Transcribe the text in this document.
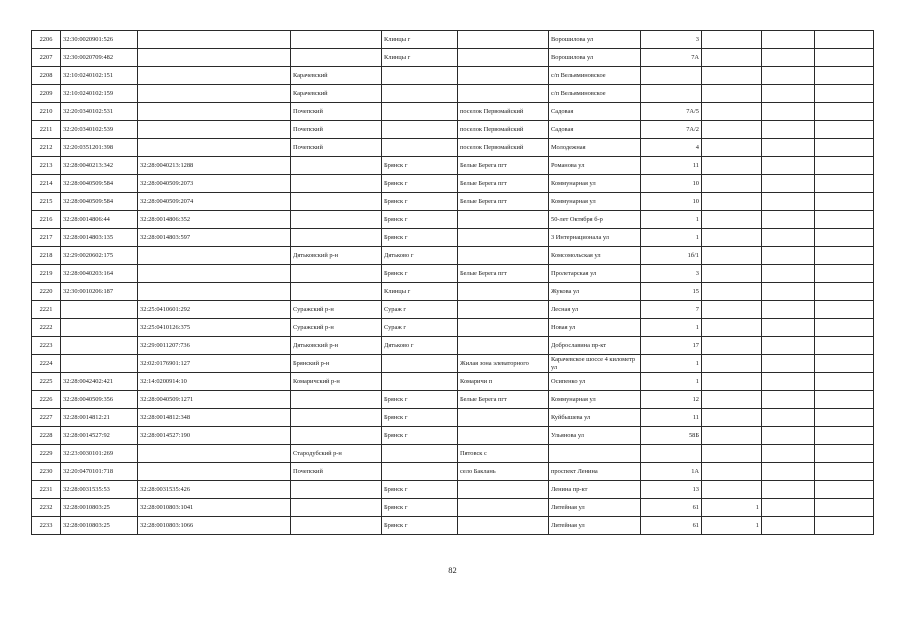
2206	32:30:0020901:526			Клинцы г		Ворошилова ул	3			
2207	32:30:0020709:482			Клинцы г		Ворошилова ул	7А			
2208	32:10:0240102:151		Карачевский			с/п Вельяминовское				
2209	32:10:0240102:159		Карачевский			с/п Вельяминовское				
2210	32:20:0340102:531		Почепский		поселок Первомайский	Садовая	7А/5			
2211	32:20:0340102:539		Почепский		поселок Первомайский	Садовая	7А/2			
2212	32:20:0351201:398		Почепский		поселок Первомайский	Молодежная	4			
2213	32:28:0040213:342	32:28:0040213:1288		Брянск г	Белые Берега пгт	Романова ул	11			
2214	32:28:0040509:584	32:28:0040509:2073		Брянск г	Белые Берега пгт	Коммунарная ул	10			
2215	32:28:0040509:584	32:28:0040509:2074		Брянск г	Белые Берега пгт	Коммунарная ул	10			
2216	32:28:0014806:44	32:28:0014806:352		Брянск г		50-лет Октября б-р	1			
2217	32:28:0014803:135	32:28:0014803:597		Брянск г		3 Интернационала ул	1			
2218	32:29:0020602:175		Дятьковский р-н	Дятьково г		Комсомольская ул	1б/1			
2219	32:28:0040203:164			Брянск г	Белые Берега пгт	Пролетарская ул	3			
2220	32:30:0010206:187			Клинцы г		Жукова ул	15			
2221		32:25:0410601:292	Суражский р-н	Сураж г		Лесная ул	7			
2222		32:25:0410126:375	Суражский р-н	Сураж г		Новая ул	1			
2223		32:29:0011207:736	Дятьковский р-н	Дятьково г		Доброславина пр-кт	17			
2224		32:02:0176901:127	Брянский р-н		Жилая зона элеваторного	Карачевское шоссе 4 километр ул	1			
2225	32:28:0042402:421	32:14:0200914:10	Комаричский р-н		Комаричи п	Осипенко ул	1			
2226	32:28:0040509:356	32:28:0040509:1271		Брянск г	Белые Берега пгт	Коммунарная ул	12			
2227	32:28:0014812:21	32:28:0014812:348		Брянск г		Куйбышева ул	11			
2228	32:28:0014527:92	32:28:0014527:190		Брянск г		Ульянова ул	58Б			
2229	32:23:0030101:269		Стародубский р-н		Пятовск с					
2230	32:20:0470101:718		Почепский		село Баклань	проспект Ленина	1А			
2231	32:28:0031535:53	32:28:0031535:426		Брянск г		Ленина пр-кт	13			
2232	32:28:0010803:25	32:28:0010803:1041		Брянск г		Литейная ул	61	1		
2233	32:28:0010803:25	32:28:0010803:1066		Брянск г		Литейная ул	61	1		
82
